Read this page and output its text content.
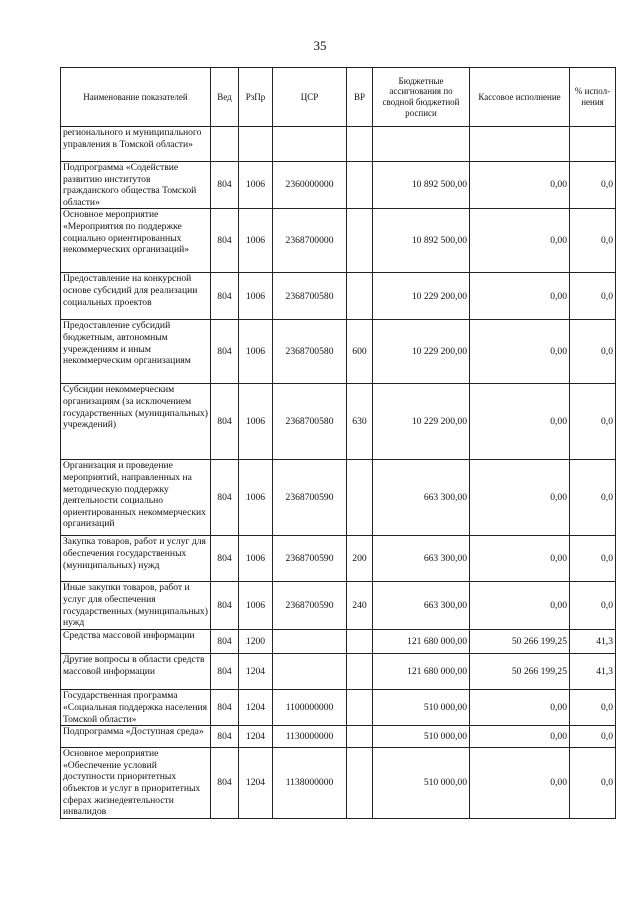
35
Наименование показателей	Вед	РзПр	ЦСР	ВР	Бюджетные ассигнования по сводной бюджетной росписи	Кассовое исполнение	% испол-нения
регионального и муниципального управления в Томской области»							
Подпрограмма «Содействие развитию институтов гражданского общества Томской области»	804	1006	2360000000		10 892 500,00	0,00	0,0
Основное мероприятие «Мероприятия по поддержке социально ориентированных некоммерческих организаций»	804	1006	2368700000		10 892 500,00	0,00	0,0
Предоставление на конкурсной основе субсидий для реализации социальных проектов	804	1006	2368700580		10 229 200,00	0,00	0,0
Предоставление субсидий бюджетным, автономным учреждениям и иным некоммерческим организациям	804	1006	2368700580	600	10 229 200,00	0,00	0,0
Субсидии некоммерческим организациям (за исключением государственных (муниципальных) учреждений)	804	1006	2368700580	630	10 229 200,00	0,00	0,0
Организация и проведение мероприятий, направленных на методическую поддержку деятельности социально ориентированных некоммерческих организаций	804	1006	2368700590		663 300,00	0,00	0,0
Закупка товаров, работ и услуг для обеспечения государственных (муниципальных) нужд	804	1006	2368700590	200	663 300,00	0,00	0,0
Иные закупки товаров, работ и услуг для обеспечения государственных (муниципальных) нужд	804	1006	2368700590	240	663 300,00	0,00	0,0
Средства массовой информации	804	1200			121 680 000,00	50 266 199,25	41,3
Другие вопросы в области средств массовой информации	804	1204			121 680 000,00	50 266 199,25	41,3
Государственная программа «Социальная поддержка населения Томской области»	804	1204	1100000000		510 000,00	0,00	0,0
Подпрограмма «Доступная среда»	804	1204	1130000000		510 000,00	0,00	0,0
Основное мероприятие «Обеспечение условий доступности приоритетных объектов и услуг в приоритетных сферах жизнедеятельности инвалидов	804	1204	1138000000		510 000,00	0,00	0,0
